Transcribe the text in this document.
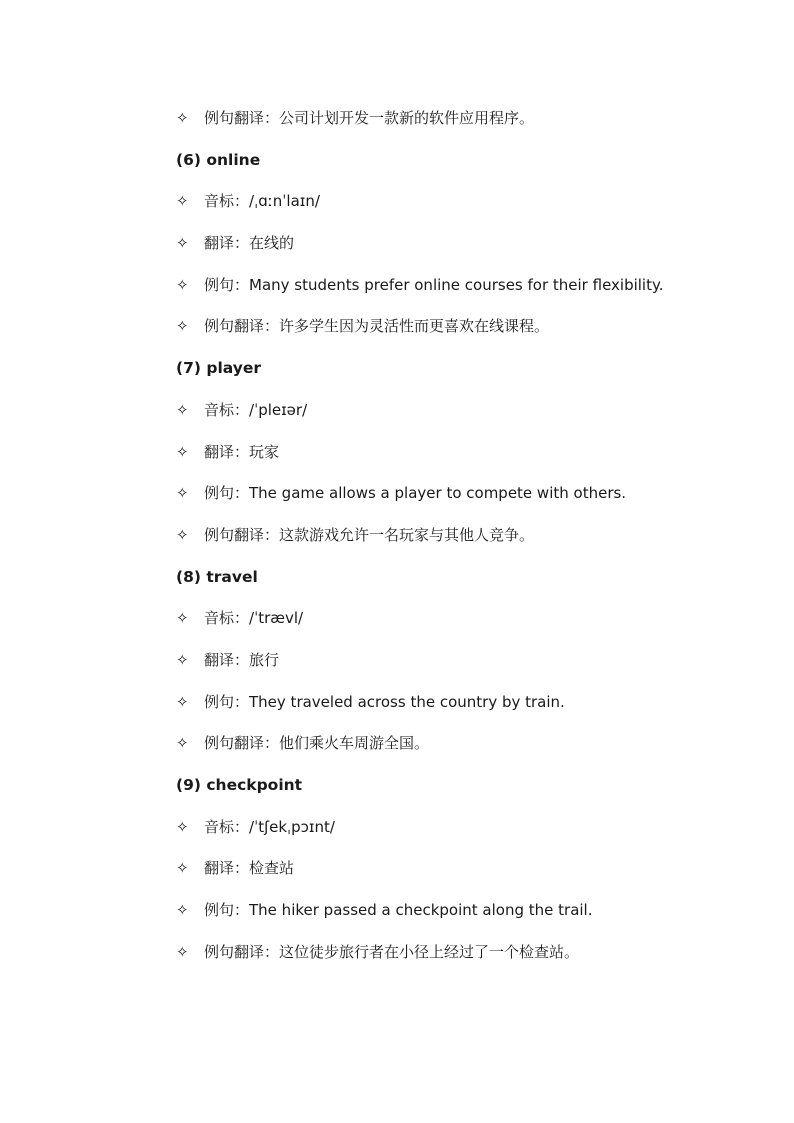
✧	例句翻译： 公司计划开发一款新的软件应用程序。
(6) online
✧	音标： /ˌɑːnˈlaɪn/
✧	翻译： 在线的
✧	例句： Many students prefer online courses for their flexibility.
✧	例句翻译： 许多学生因为灵活性而更喜欢在线课程。
(7) player
✧	音标： /ˈpleɪər/
✧	翻译： 玩家
✧	例句： The game allows a player to compete with others.
✧	例句翻译： 这款游戏允许一名玩家与其他人竞争。
(8) travel
✧	音标： /ˈtrævl/
✧	翻译： 旅行
✧	例句： They traveled across the country by train.
✧	例句翻译： 他们乘火车周游全国。
(9) checkpoint
✧	音标： /ˈtʃekˌpɔɪnt/
✧	翻译： 检查站
✧	例句： The hiker passed a checkpoint along the trail.
✧	例句翻译： 这位徒步旅行者在小径上经过了一个检查站。
